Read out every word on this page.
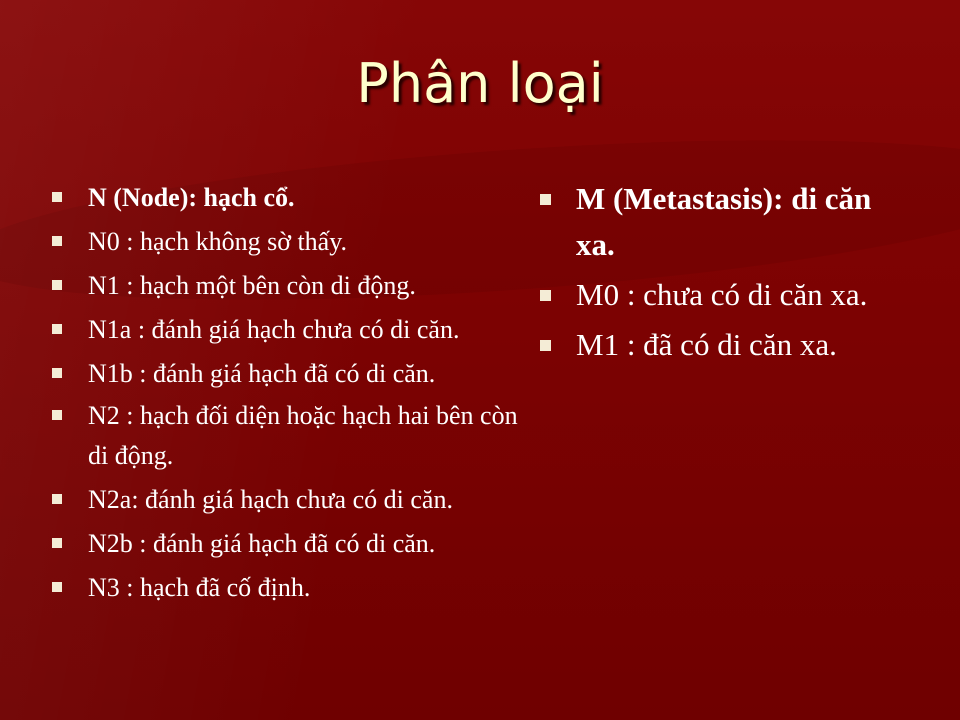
Phân loại
N (Node): hạch cổ.
N0 : hạch không sờ thấy.
N1 : hạch một bên còn di động.
N1a : đánh giá hạch chưa có di căn.
N1b : đánh giá hạch đã có di căn.
N2 : hạch đối diện hoặc hạch hai bên còn di động.
N2a: đánh giá hạch chưa có di căn.
N2b : đánh giá hạch đã có di căn.
N3 : hạch đã cố định.
M (Metastasis): di căn xa.
M0 : chưa có di căn xa.
M1 : đã có di căn xa.
